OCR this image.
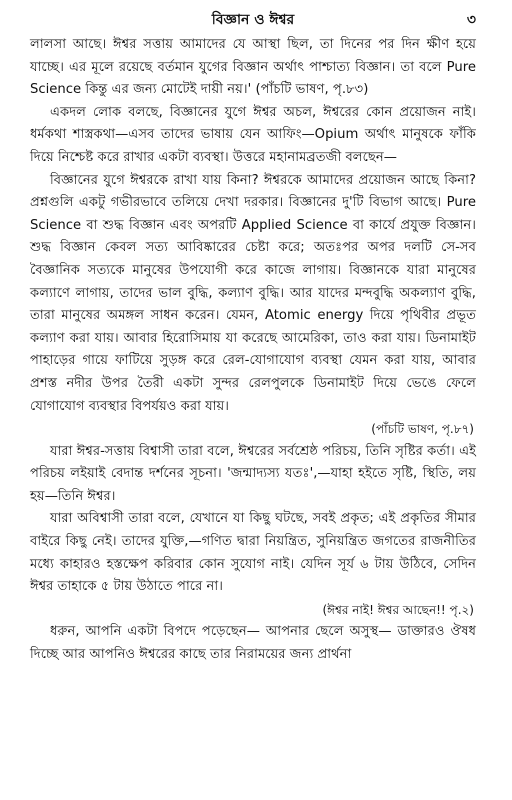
বিজ্ঞান ও ঈশ্বর	৩

লালসা আছে। ঈশ্বর সত্তায় আমাদের যে আস্থা ছিল, তা দিনের পর দিন ক্ষীণ হয়ে যাচ্ছে। এর মূলে রয়েছে বর্তমান যুগের বিজ্ঞান অর্থাৎ পাশ্চাত্য বিজ্ঞান। তা বলে Pure Science কিন্তু এর জন্য মোটেই দায়ী নয়।' (পাঁচটি ভাষণ, পৃ.৮৩)

একদল লোক বলছে, বিজ্ঞানের যুগে ঈশ্বর অচল, ঈশ্বরের কোন প্রয়োজন নাই। ধর্মকথা শাস্ত্রকথা—এসব তাদের ভাষায় যেন আফিং—Opium অর্থাৎ মানুষকে ফাঁকি দিয়ে নিশ্চেষ্ট করে রাখার একটা ব্যবস্থা। উত্তরে মহানামব্রতজী বলছেন—

বিজ্ঞানের যুগে ঈশ্বরকে রাখা যায় কিনা? ঈশ্বরকে আমাদের প্রয়োজন আছে কিনা? প্রশ্নগুলি একটু গভীরভাবে তলিয়ে দেখা দরকার। বিজ্ঞানের দু'টি বিভাগ আছে। Pure Science বা শুদ্ধ বিজ্ঞান এবং অপরটি Applied Science বা কার্যে প্রযুক্ত বিজ্ঞান। শুদ্ধ বিজ্ঞান কেবল সত্য আবিষ্কারের চেষ্টা করে; অতঃপর অপর দলটি সে-সব বৈজ্ঞানিক সত্যকে মানুষের উপযোগী করে কাজে লাগায়। বিজ্ঞানকে যারা মানুষের কল্যাণে লাগায়, তাদের ভাল বুদ্ধি, কল্যাণ বুদ্ধি। আর যাদের মন্দবুদ্ধি অকল্যাণ বুদ্ধি, তারা মানুষের অমঙ্গল সাধন করেন। যেমন, Atomic energy দিয়ে পৃথিবীর প্রভূত কল্যাণ করা যায়। আবার হিরোসিমায় যা করেছে আমেরিকা, তাও করা যায়। ডিনামাইট পাহাড়ের গায়ে ফাটিয়ে সুড়ঙ্গ করে রেল-যোগাযোগ ব্যবস্থা যেমন করা যায়, আবার প্রশস্ত নদীর উপর তৈরী একটা সুন্দর রেলপুলকে ডিনামাইট দিয়ে ভেঙে ফেলে যোগাযোগ ব্যবস্থার বিপর্যয়ও করা যায়।

(পাঁচটি ভাষণ, পৃ.৮৭)

যারা ঈশ্বর-সত্তায় বিশ্বাসী তারা বলে, ঈশ্বরের সর্বশ্রেষ্ঠ পরিচয়, তিনি সৃষ্টির কর্তা। এই পরিচয় লইয়াই বেদান্ত দর্শনের সূচনা। 'জন্মাদ্যস্য যতঃ',—যাহা হইতে সৃষ্টি, স্থিতি, লয় হয়—তিনি ঈশ্বর।

যারা অবিশ্বাসী তারা বলে, যেখানে যা কিছু ঘটছে, সবই প্রকৃত; এই প্রকৃতির সীমার বাইরে কিছু নেই। তাদের যুক্তি,—গণিত দ্বারা নিয়ন্ত্রিত, সুনিয়ন্ত্রিত জগতের রাজনীতির মধ্যে কাহারও হস্তক্ষেপ করিবার কোন সুযোগ নাই। যেদিন সূর্য ৬ টায় উঠিবে, সেদিন ঈশ্বর তাহাকে ৫ টায় উঠাতে পারে না।

(ঈশ্বর নাই! ঈশ্বর আছেন!! পৃ.২)

ধরুন, আপনি একটা বিপদে পড়েছেন— আপনার ছেলে অসুস্থ— ডাক্তারও ঔষধ দিচ্ছে আর আপনিও ঈশ্বরের কাছে তার নিরাময়ের জন্য প্রার্থনা
